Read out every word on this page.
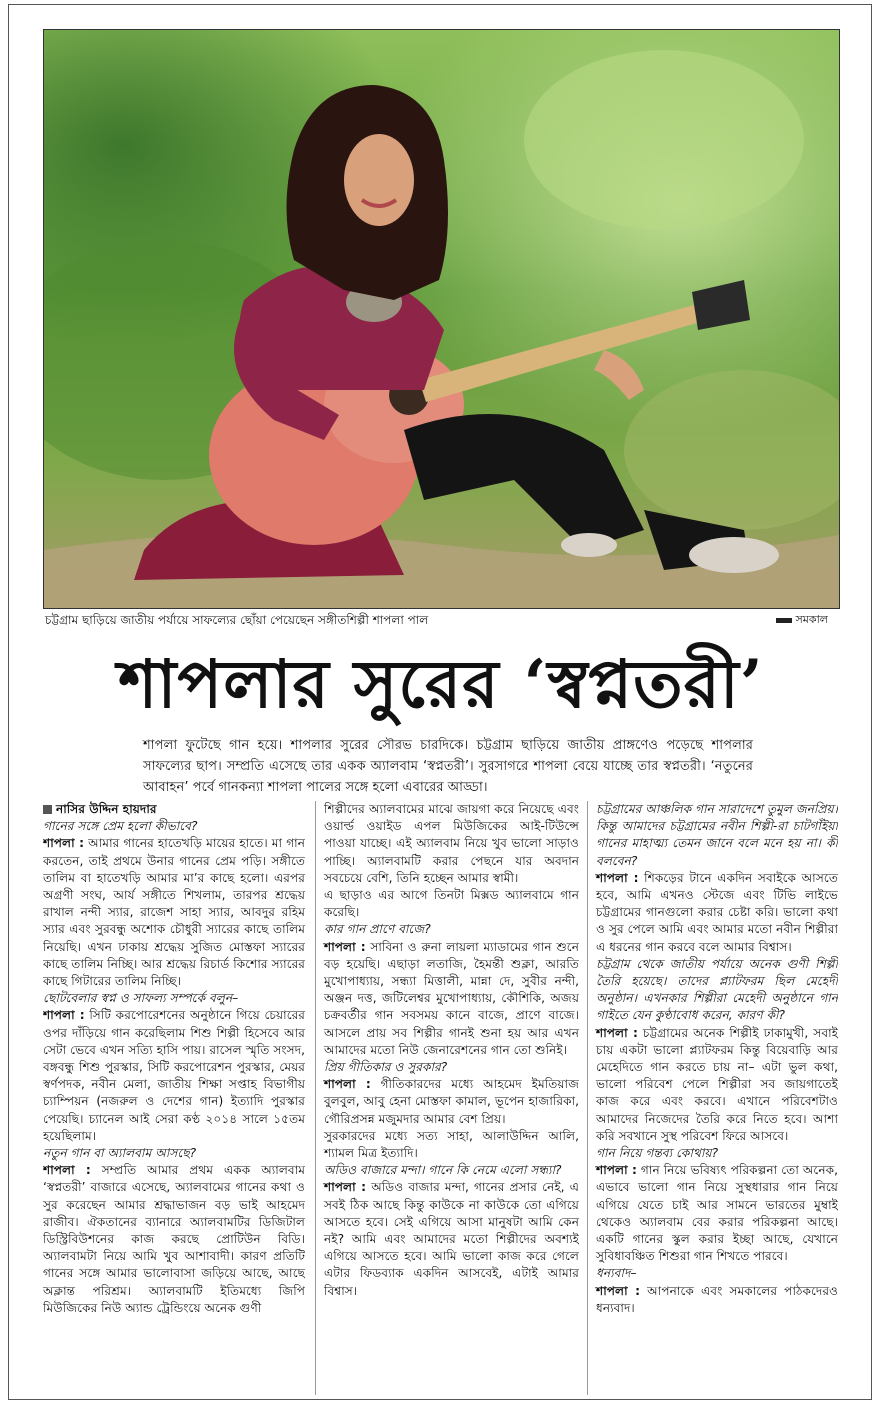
চট্টগ্রাম ছাড়িয়ে জাতীয় পর্যায়ে সাফল্যের ছোঁয়া পেয়েছেন সঙ্গীতশিল্পী শাপলা পাল	সমকাল
শাপলার সুরের ‘স্বপ্নতরী’

শাপলা ফুটেছে গান হয়ে। শাপলার সুরের সৌরভ চারদিকে। চট্টগ্রাম ছাড়িয়ে জাতীয় প্রাঙ্গণেও পড়েছে শাপলার সাফল্যের ছাপ। সম্প্রতি এসেছে তার একক অ্যালবাম ‘স্বপ্নতরী’। সুরসাগরে শাপলা বেয়ে যাচ্ছে তার স্বপ্নতরী। ‘নতুনের আবাহন’ পর্বে গানকন্যা শাপলা পালের সঙ্গে হলো এবারের আড্ডা।

নাসির উদ্দিন হায়দার

গানের সঙ্গে প্রেম হলো কীভাবে?

শাপলা : আমার গানের হাতেখড়ি মায়ের হাতে। মা গান করতেন, তাই প্রথমে উনার গানের প্রেম পড়ি। সঙ্গীতে তালিম বা হাতেখড়ি আমার মা’র কাছে হলো। এরপর অগ্রণী সংঘ, আর্য সঙ্গীতে শিখলাম, তারপর শ্রদ্ধেয় রাখাল নন্দী স্যার, রাজেশ সাহা স্যার, আবদুর রহিম স্যার এবং সুরবন্ধু অশোক চৌধুরী স্যারের কাছে তালিম নিয়েছি। এখন ঢাকায় শ্রদ্ধেয় সুজিত মোস্তফা স্যারের কাছে তালিম নিচ্ছি। আর শ্রদ্ধেয় রিচার্ড কিশোর স্যারের কাছে গিটারের তালিম নিচ্ছি।

ছোটবেলার স্বপ্ন ও সাফল্য সম্পর্কে বলুন–

শাপলা : সিটি করপোরেশনের অনুষ্ঠানে গিয়ে চেয়ারের ওপর দাঁড়িয়ে গান করেছিলাম শিশু শিল্পী হিসেবে আর সেটা ভেবে এখন সত্যি হাসি পায়। রাসেল স্মৃতি সংসদ, বঙ্গবন্ধু শিশু পুরস্কার, সিটি করপোরেশন পুরস্কার, মেয়র স্বর্ণপদক, নবীন মেলা, জাতীয় শিক্ষা সপ্তাহ বিভাগীয় চ্যাম্পিয়ন (নজরুল ও দেশের গান) ইত্যাদি পুরস্কার পেয়েছি। চ্যানেল আই সেরা কণ্ঠ ২০১৪ সালে ১৫তম হয়েছিলাম।

নতুন গান বা অ্যালবাম আসছে?

শাপলা : সম্প্রতি আমার প্রথম একক অ্যালবাম ‘স্বপ্নতরী’ বাজারে এসেছে, অ্যালবামের গানের কথা ও সুর করেছেন আমার শ্রদ্ধাভাজন বড় ভাই আহমেদ রাজীব। ঐকতানের ব্যানারে অ্যালবামটির ডিজিটাল ডিস্ট্রিবিউশনের কাজ করছে প্রোটিউন বিডি। অ্যালবামটা নিয়ে আমি খুব আশাবাদী। কারণ প্রতিটি গানের সঙ্গে আমার ভালোবাসা জড়িয়ে আছে, আছে অক্লান্ত পরিশ্রম। অ্যালবামটি ইতিমধ্যে জিপি মিউজিকের নিউ অ্যান্ড ট্রেন্ডিংয়ে অনেক গুণী

শিল্পীদের অ্যালবামের মাঝে জায়গা করে নিয়েছে এবং ওয়ার্ল্ড ওয়াইড এপল মিউজিকের আই-টিউন্সে পাওয়া যাচ্ছে। এই অ্যালবাম নিয়ে খুব ভালো সাড়াও পাচ্ছি। অ্যালবামটি করার পেছনে যার অবদান সবচেয়ে বেশি, তিনি হচ্ছেন আমার স্বামী।

এ ছাড়াও এর আগে তিনটা মিক্সড অ্যালবামে গান করেছি।

কার গান প্রাণে বাজে?

শাপলা : সাবিনা ও রুনা লায়লা ম্যাডামের গান শুনে বড় হয়েছি। এছাড়া লতাজি, হৈমন্তী শুক্লা, আরতি মুখোপাধ্যায়, সন্ধ্যা মিত্তালী, মান্না দে, সুবীর নন্দী, অঞ্জন দত্ত, জটিলেশ্বর মুখোপাধ্যায়, কৌশিকি, অজয় চক্রবর্তীর গান সবসময় কানে বাজে, প্রাণে বাজে। আসলে প্রায় সব শিল্পীর গানই শুনা হয় আর এখন আমাদের মতো নিউ জেনারেশনের গান তো শুনিই।

প্রিয় গীতিকার ও সুরকার?

শাপলা : গীতিকারদের মধ্যে আহমেদ ইমতিয়াজ বুলবুল, আবু হেনা মোস্তফা কামাল, ভূপেন হাজারিকা, গৌরিপ্রসন্ন মজুমদার আমার বেশ প্রিয়।

সুরকারদের মধ্যে সত্য সাহা, আলাউদ্দিন আলি, শ্যামল মিত্র ইত্যাদি।

অডিও বাজারে মন্দা। গানে কি নেমে এলো সন্ধ্যা?

শাপলা : অডিও বাজার মন্দা, গানের প্রসার নেই, এ সবই ঠিক আছে কিন্তু কাউকে না কাউকে তো এগিয়ে আসতে হবে। সেই এগিয়ে আসা মানুষটা আমি কেন নই? আমি এবং আমাদের মতো শিল্পীদের অবশ্যই এগিয়ে আসতে হবে। আমি ভালো কাজ করে গেলে এটার ফিডব্যাক একদিন আসবেই, এটাই আমার বিশ্বাস।

চট্টগ্রামের আঞ্চলিক গান সারাদেশে তুমুল জনপ্রিয়। কিন্তু আমাদের চট্টগ্রামের নবীন শিল্পী-রা চাটগাঁইয়া গানের মাহাত্ম্য তেমন জানে বলে মনে হয় না। কী বলবেন?

শাপলা : শিকড়ের টানে একদিন সবাইকে আসতে হবে, আমি এখনও স্টেজে এবং টিভি লাইভে চট্টগ্রামের গানগুলো করার চেষ্টা করি। ভালো কথা ও সুর পেলে আমি এবং আমার মতো নবীন শিল্পীরা এ ধরনের গান করবে বলে আমার বিশ্বাস।

চট্টগ্রাম থেকে জাতীয় পর্যায়ে অনেক গুণী শিল্পী তৈরি হয়েছে। তাদের প্ল্যাটফরম ছিল মেহেদী অনুষ্ঠান। এখনকার শিল্পীরা মেহেদী অনুষ্ঠানে গান গাইতে যেন কুণ্ঠাবোধ করেন, কারণ কী?

শাপলা : চট্টগ্রামের অনেক শিল্পীই ঢাকামুখী, সবাই চায় একটা ভালো প্ল্যাটফরম কিন্তু বিয়েবাড়ি আর মেহেদিতে গান করতে চায় না– এটা ভুল কথা, ভালো পরিবেশ পেলে শিল্পীরা সব জায়গাতেই কাজ করে এবং করবে। এখানে পরিবেশটাও আমাদের নিজেদের তৈরি করে নিতে হবে। আশা করি সবখানে সুস্থ পরিবেশ ফিরে আসবে।

গান নিয়ে গন্তব্য কোথায়?

শাপলা : গান নিয়ে ভবিষ্যৎ পরিকল্পনা তো অনেক, এভাবে ভালো গান নিয়ে সুস্থধারার গান নিয়ে এগিয়ে যেতে চাই আর সামনে ভারতের মুম্বাই থেকেও অ্যালবাম বের করার পরিকল্পনা আছে। একটি গানের স্কুল করার ইচ্ছা আছে, যেখানে সুবিধাবঞ্চিত শিশুরা গান শিখতে পারবে।

ধন্যবাদ–

শাপলা : আপনাকে এবং সমকালের পাঠকদেরও ধন্যবাদ।
